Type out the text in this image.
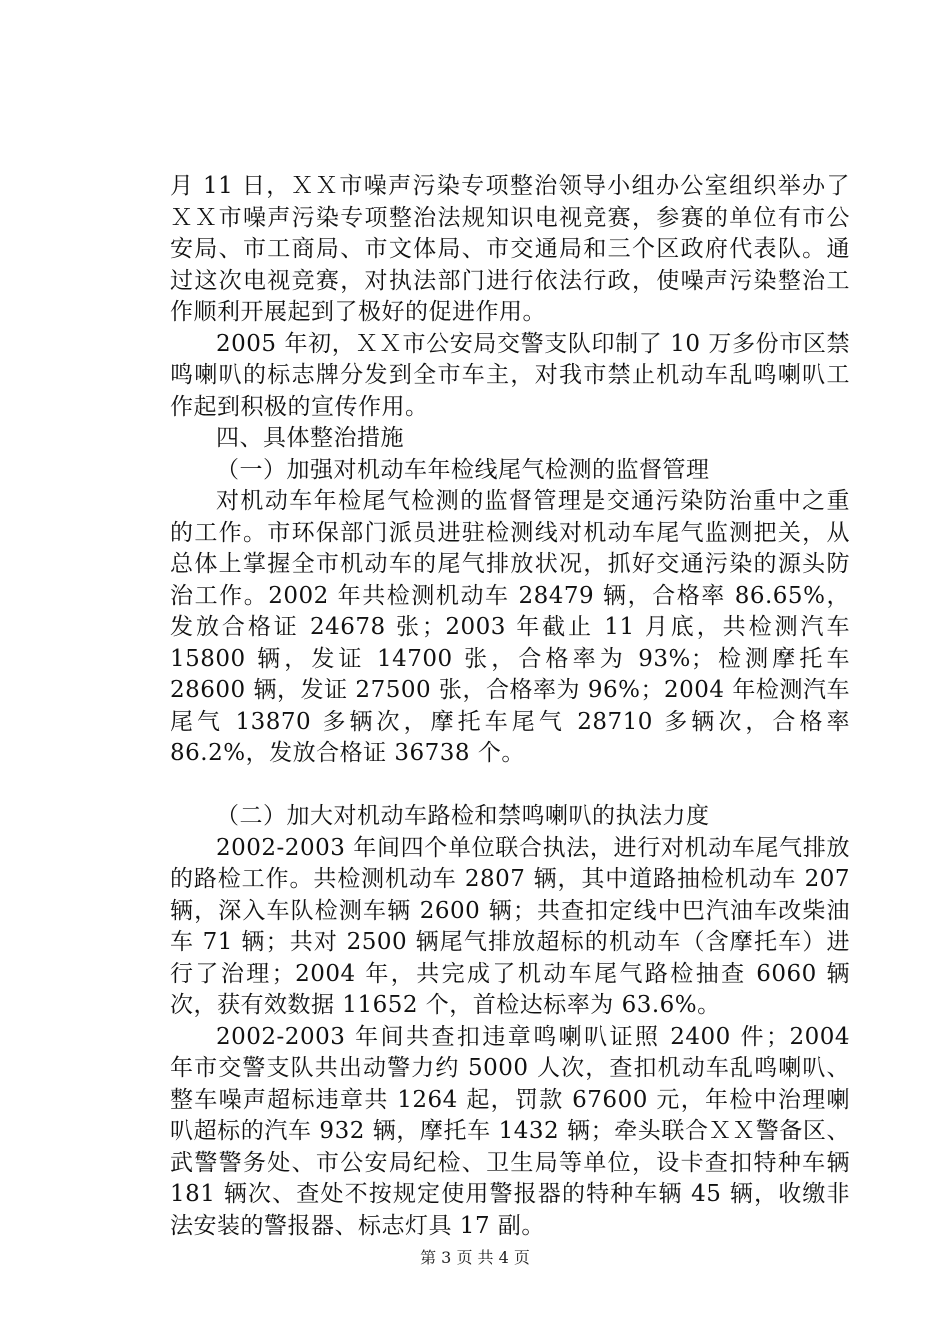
月 11 日，ＸＸ市噪声污染专项整治领导小组办公室组织举办了ＸＸ市噪声污染专项整治法规知识电视竞赛，参赛的单位有市公安局、市工商局、市文体局、市交通局和三个区政府代表队。通过这次电视竞赛，对执法部门进行依法行政，使噪声污染整治工作顺利开展起到了极好的促进作用。

2005 年初，ＸＸ市公安局交警支队印制了 10 万多份市区禁鸣喇叭的标志牌分发到全市车主，对我市禁止机动车乱鸣喇叭工作起到积极的宣传作用。

四、具体整治措施

（一）加强对机动车年检线尾气检测的监督管理

对机动车年检尾气检测的监督管理是交通污染防治重中之重的工作。市环保部门派员进驻检测线对机动车尾气监测把关，从总体上掌握全市机动车的尾气排放状况，抓好交通污染的源头防治工作。2002 年共检测机动车 28479 辆，合格率 86.65%，发放合格证 24678 张；2003 年截止 11 月底，共检测汽车 15800 辆，发证 14700 张，合格率为 93%；检测摩托车 28600 辆，发证 27500 张，合格率为 96%；2004 年检测汽车尾气 13870 多辆次，摩托车尾气 28710 多辆次，合格率 86.2%，发放合格证 36738 个。

（二）加大对机动车路检和禁鸣喇叭的执法力度

2002-2003 年间四个单位联合执法，进行对机动车尾气排放的路检工作。共检测机动车 2807 辆，其中道路抽检机动车 207 辆，深入车队检测车辆 2600 辆；共查扣定线中巴汽油车改柴油车 71 辆；共对 2500 辆尾气排放超标的机动车（含摩托车）进行了治理；2004 年，共完成了机动车尾气路检抽查 6060 辆次，获有效数据 11652 个，首检达标率为 63.6%。

2002-2003 年间共查扣违章鸣喇叭证照 2400 件；2004 年市交警支队共出动警力约 5000 人次，查扣机动车乱鸣喇叭、整车噪声超标违章共 1264 起，罚款 67600 元，年检中治理喇叭超标的汽车 932 辆，摩托车 1432 辆；牵头联合ＸＸ警备区、武警警务处、市公安局纪检、卫生局等单位，设卡查扣特种车辆 181 辆次、查处不按规定使用警报器的特种车辆 45 辆，收缴非法安装的警报器、标志灯具 17 副。

第 3 页 共 4 页
